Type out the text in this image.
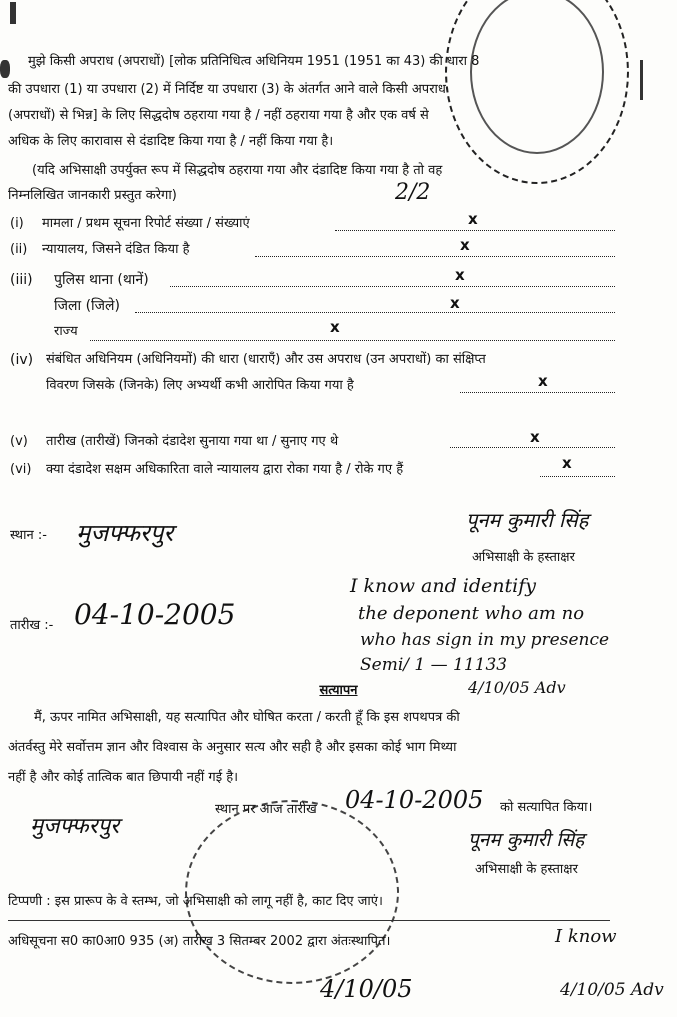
मुझे किसी अपराध (अपराधों) [लोक प्रतिनिधित्व अधिनियम 1951 (1951 का 43) की धारा 8
की उपधारा (1) या उपधारा (2) में निर्दिष्ट या उपधारा (3) के अंतर्गत आने वाले किसी अपराध
(अपराधों) से भिन्न] के लिए सिद्धदोष ठहराया गया है / नहीं ठहराया गया है और एक वर्ष से
अधिक के लिए कारावास से दंडादिष्ट किया गया है / नहीं किया गया है।
(यदि अभिसाक्षी उपर्युक्त रूप में सिद्धदोष ठहराया गया और दंडादिष्ट किया गया है तो वह
निम्नलिखित जानकारी प्रस्तुत करेगा)	2/2
(i) मामला / प्रथम सूचना रिपोर्ट संख्या / संख्याएं	x
(ii) न्यायालय, जिसने दंडित किया है	x
(iii) पुलिस थाना (थानें)	x
जिला (जिले)	x
राज्य	x
(iv) संबंधित अधिनियम (अधिनियमों) की धारा (धाराएँ) और उस अपराध (उन अपराधों) का संक्षिप्त
विवरण जिसके (जिनके) लिए अभ्यर्थी कभी आरोपित किया गया है	x
(v) तारीख (तारीखें) जिनको दंडादेश सुनाया गया था / सुनाए गए थे	x
(vi) क्या दंडादेश सक्षम अधिकारिता वाले न्यायालय द्वारा रोका गया है / रोके गए हैं	x
स्थान :- मुजफ्फरपुर	पूनम कुमारी सिंह
अभिसाक्षी के हस्ताक्षर
तारीख :- 04-10-2005
I know and identify
the deponent who am no
who has sign in my presence
Semi/ 1 — 11133
4/10/05 Adv
सत्यापन
मैं, ऊपर नामित अभिसाक्षी, यह सत्यापित और घोषित करता / करती हूँ कि इस शपथपत्र की
अंतर्वस्तु मेरे सर्वोत्तम ज्ञान और विश्वास के अनुसार सत्य और सही है और इसका कोई भाग मिथ्या
नहीं है और कोई तात्विक बात छिपायी नहीं गई है।
मुजफ्फरपुर
स्थान पर आज तारीख 04-10-2005 को सत्यापित किया।
पूनम कुमारी सिंह
अभिसाक्षी के हस्ताक्षर
टिप्पणी : इस प्रारूप के वे स्तम्भ, जो अभिसाक्षी को लागू नहीं है, काट दिए जाएं।
अधिसूचना स0 का0आ0 935 (अ) तारीख 3 सितम्बर 2002 द्वारा अंतःस्थापित।
4/10/05
I know
4/10/05 Adv
